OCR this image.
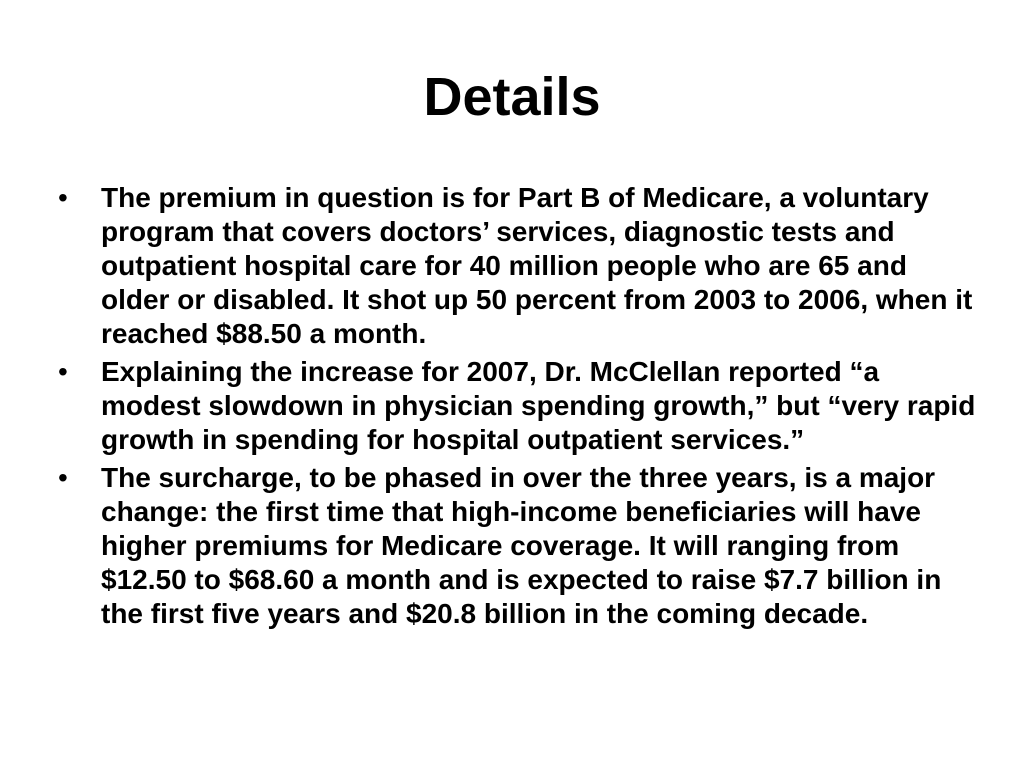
Details
•	The premium in question is for Part B of Medicare, a voluntary program that covers doctors’ services, diagnostic tests and outpatient hospital care for 40 million people who are 65 and older or disabled. It shot up 50 percent from 2003 to 2006, when it reached $88.50 a month.
•	Explaining the increase for 2007, Dr. McClellan reported “a modest slowdown in physician spending growth,” but “very rapid growth in spending for hospital outpatient services.”
•	The surcharge, to be phased in over the three years, is a major change: the first time that high-income beneficiaries will have higher premiums for Medicare coverage. It will ranging from $12.50 to $68.60 a month and is expected to raise $7.7 billion in the first five years and $20.8 billion in the coming decade.
